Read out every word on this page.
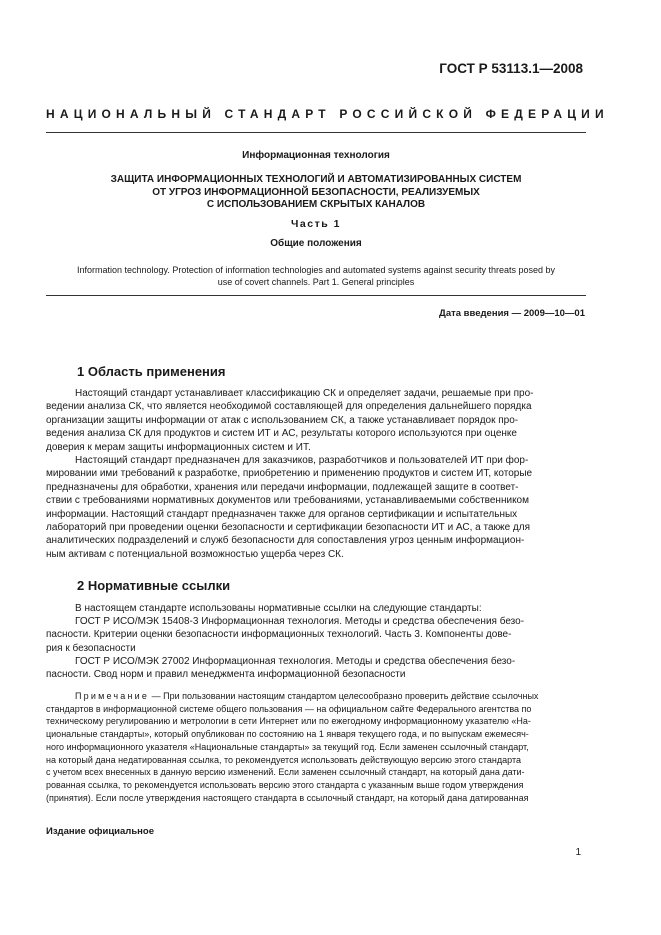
ГОСТ Р 53113.1—2008
НАЦИОНАЛЬНЫЙ СТАНДАРТ РОССИЙСКОЙ ФЕДЕРАЦИИ
Информационная технология
ЗАЩИТА ИНФОРМАЦИОННЫХ ТЕХНОЛОГИЙ И АВТОМАТИЗИРОВАННЫХ СИСТЕМ
ОТ УГРОЗ ИНФОРМАЦИОННОЙ БЕЗОПАСНОСТИ, РЕАЛИЗУЕМЫХ
С ИСПОЛЬЗОВАНИЕМ СКРЫТЫХ КАНАЛОВ
Часть 1
Общие положения
Information technology. Protection of information technologies and automated systems against security threats posed by
use of covert channels. Part 1. General principles
Дата введения — 2009—10—01
1 Область применения
Настоящий стандарт устанавливает классификацию СК и определяет задачи, решаемые при про-
ведении анализа СК, что является необходимой составляющей для определения дальнейшего порядка
организации защиты информации от атак с использованием СК, а также устанавливает порядок про-
ведения анализа СК для продуктов и систем ИТ и АС, результаты которого используются при оценке
доверия к мерам защиты информационных систем и ИТ.
Настоящий стандарт предназначен для заказчиков, разработчиков и пользователей ИТ при фор-
мировании ими требований к разработке, приобретению и применению продуктов и систем ИТ, которые
предназначены для обработки, хранения или передачи информации, подлежащей защите в соответ-
ствии с требованиями нормативных документов или требованиями, устанавливаемыми собственником
информации. Настоящий стандарт предназначен также для органов сертификации и испытательных
лабораторий при проведении оценки безопасности и сертификации безопасности ИТ и АС, а также для
аналитических подразделений и служб безопасности для сопоставления угроз ценным информацион-
ным активам с потенциальной возможностью ущерба через СК.
2 Нормативные ссылки
В настоящем стандарте использованы нормативные ссылки на следующие стандарты:
ГОСТ Р ИСО/МЭК 15408-3 Информационная технология. Методы и средства обеспечения безо-
пасности. Критерии оценки безопасности информационных технологий. Часть 3. Компоненты дове-
рия к безопасности
ГОСТ Р ИСО/МЭК 27002 Информационная технология. Методы и средства обеспечения безо-
пасности. Свод норм и правил менеджмента информационной безопасности
Примечание — При пользовании настоящим стандартом целесообразно проверить действие ссылочных
стандартов в информационной системе общего пользования — на официальном сайте Федерального агентства по
техническому регулированию и метрологии в сети Интернет или по ежегодному информационному указателю «На-
циональные стандарты», который опубликован по состоянию на 1 января текущего года, и по выпускам ежемесяч-
ного информационного указателя «Национальные стандарты» за текущий год. Если заменен ссылочный стандарт,
на который дана недатированная ссылка, то рекомендуется использовать действующую версию этого стандарта
с учетом всех внесенных в данную версию изменений. Если заменен ссылочный стандарт, на который дана дати-
рованная ссылка, то рекомендуется использовать версию этого стандарта с указанным выше годом утверждения
(принятия). Если после утверждения настоящего стандарта в ссылочный стандарт, на который дана датированная
Издание официальное
1
